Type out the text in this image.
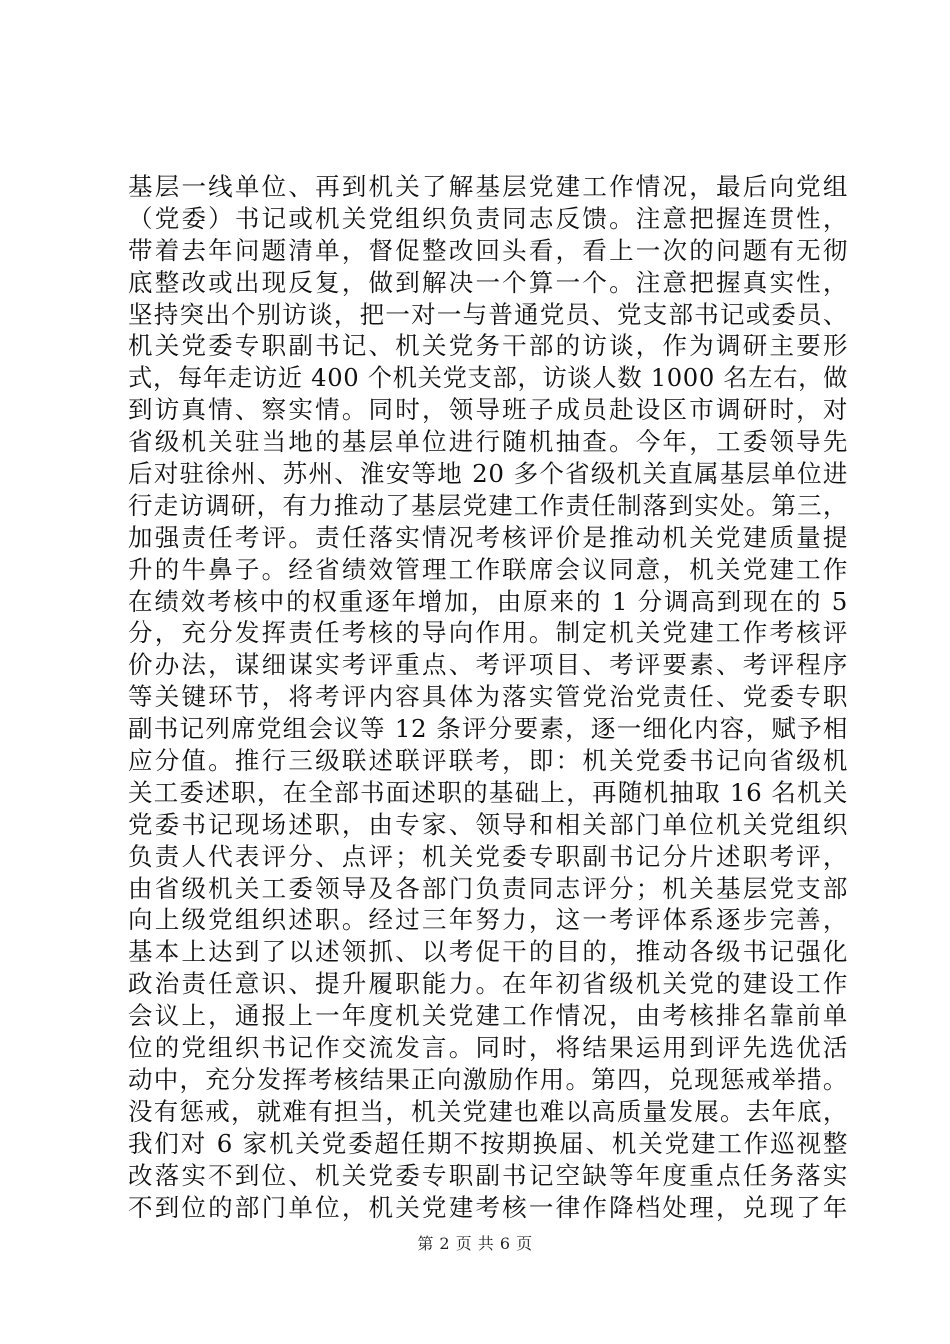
基层一线单位、再到机关了解基层党建工作情况，最后向党组
（党委）书记或机关党组织负责同志反馈。注意把握连贯性，
带着去年问题清单，督促整改回头看，看上一次的问题有无彻
底整改或出现反复，做到解决一个算一个。注意把握真实性，
坚持突出个别访谈，把一对一与普通党员、党支部书记或委员、
机关党委专职副书记、机关党务干部的访谈，作为调研主要形
式，每年走访近 400 个机关党支部，访谈人数 1000 名左右，做
到访真情、察实情。同时，领导班子成员赴设区市调研时，对
省级机关驻当地的基层单位进行随机抽查。今年，工委领导先
后对驻徐州、苏州、淮安等地 20 多个省级机关直属基层单位进
行走访调研，有力推动了基层党建工作责任制落到实处。第三，
加强责任考评。责任落实情况考核评价是推动机关党建质量提
升的牛鼻子。经省绩效管理工作联席会议同意，机关党建工作
在绩效考核中的权重逐年增加，由原来的 1 分调高到现在的 5
分，充分发挥责任考核的导向作用。制定机关党建工作考核评
价办法，谋细谋实考评重点、考评项目、考评要素、考评程序
等关键环节，将考评内容具体为落实管党治党责任、党委专职
副书记列席党组会议等 12 条评分要素，逐一细化内容，赋予相
应分值。推行三级联述联评联考，即：机关党委书记向省级机
关工委述职，在全部书面述职的基础上，再随机抽取 16 名机关
党委书记现场述职，由专家、领导和相关部门单位机关党组织
负责人代表评分、点评；机关党委专职副书记分片述职考评，
由省级机关工委领导及各部门负责同志评分；机关基层党支部
向上级党组织述职。经过三年努力，这一考评体系逐步完善，
基本上达到了以述领抓、以考促干的目的，推动各级书记强化
政治责任意识、提升履职能力。在年初省级机关党的建设工作
会议上，通报上一年度机关党建工作情况，由考核排名靠前单
位的党组织书记作交流发言。同时，将结果运用到评先选优活
动中，充分发挥考核结果正向激励作用。第四，兑现惩戒举措。
没有惩戒，就难有担当，机关党建也难以高质量发展。去年底，
我们对 6 家机关党委超任期不按期换届、机关党建工作巡视整
改落实不到位、机关党委专职副书记空缺等年度重点任务落实
不到位的部门单位，机关党建考核一律作降档处理，兑现了年
第 2 页 共 6 页
